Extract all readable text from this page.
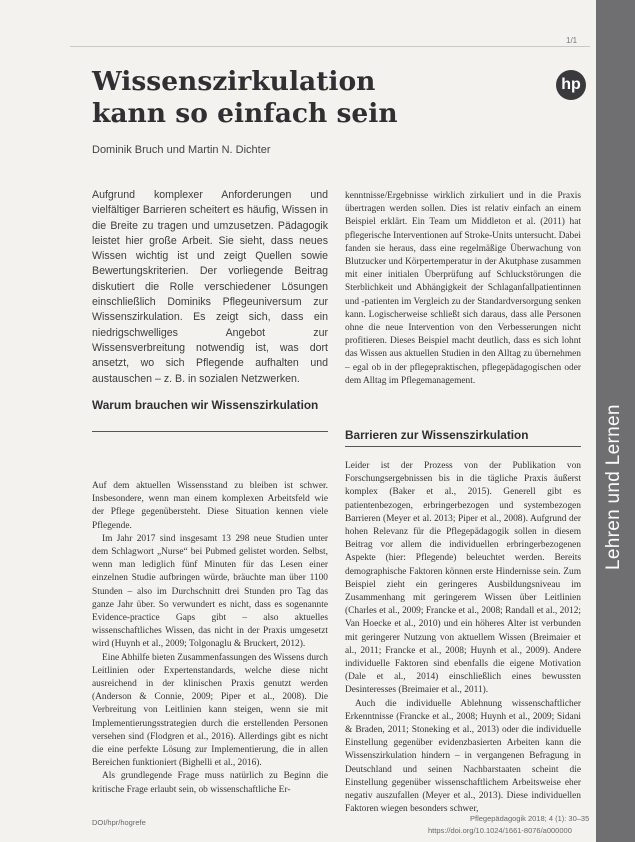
1/1
Wissenszirkulation
kann so einfach sein
hp
Dominik Bruch und Martin N. Dichter

Aufgrund komplexer Anforderungen und vielfältiger Barrieren scheitert es häufig, Wissen in die Breite zu tragen und umzusetzen. Pädagogik leistet hier große Arbeit. Sie sieht, dass neues Wissen wichtig ist und zeigt Quellen sowie Bewertungskriterien. Der vorliegende Beitrag diskutiert die Rolle verschiedener Lösungen einschließlich Dominiks Pflegeuniversum zur Wissenszirkulation. Es zeigt sich, dass ein niedrigschwelliges Angebot zur Wissensverbreitung notwendig ist, was dort ansetzt, wo sich Pflegende aufhalten und austauschen – z. B. in sozialen Netzwerken.

kenntnisse/Ergebnisse wirklich zirkuliert und in die Praxis übertragen werden sollen. Dies ist relativ einfach an einem Beispiel erklärt. Ein Team um Middleton et al. (2011) hat pflegerische Interventionen auf Stroke-Units untersucht. Dabei fanden sie heraus, dass eine regelmäßige Überwachung von Blutzucker und Körpertemperatur in der Akutphase zusammen mit einer initialen Überprüfung auf Schluckstörungen die Sterblichkeit und Abhängigkeit der Schlaganfallpatientinnen und -patienten im Vergleich zu der Standardversorgung senken kann. Logischerweise schließt sich daraus, dass alle Personen ohne die neue Intervention von den Verbesserungen nicht profitieren. Dieses Beispiel macht deutlich, dass es sich lohnt das Wissen aus aktuellen Studien in den Alltag zu übernehmen – egal ob in der pflegepraktischen, pflegepädagogischen oder dem Alltag im Pflegemanagement.

Warum brauchen wir Wissenszirkulation
Barrieren zur Wissenszirkulation

Auf dem aktuellen Wissensstand zu bleiben ist schwer. Insbesondere, wenn man einem komplexen Arbeitsfeld wie der Pflege gegenübersteht. Diese Situation kennen viele Pflegende.

Im Jahr 2017 sind insgesamt 13 298 neue Studien unter dem Schlagwort „Nurse“ bei Pubmed gelistet worden. Selbst, wenn man lediglich fünf Minuten für das Lesen einer einzelnen Studie aufbringen würde, bräuchte man über 1100 Stunden – also im Durchschnitt drei Stunden pro Tag das ganze Jahr über. So verwundert es nicht, dass es sogenannte Evidence-practice Gaps gibt – also aktuelles wissenschaftliches Wissen, das nicht in der Praxis umgesetzt wird (Huynh et al., 2009; Tolgonaglu & Bruckert, 2012).

Eine Abhilfe bieten Zusammenfassungen des Wissens durch Leitlinien oder Expertenstandards, welche diese nicht ausreichend in der klinischen Praxis genutzt werden (Anderson & Connie, 2009; Piper et al., 2008). Die Verbreitung von Leitlinien kann steigen, wenn sie mit Implementierungsstrategien durch die erstellenden Personen versehen sind (Flodgren et al., 2016). Allerdings gibt es nicht die eine perfekte Lösung zur Implementierung, die in allen Bereichen funktioniert (Bighelli et al., 2016).

Als grundlegende Frage muss natürlich zu Beginn die kritische Frage erlaubt sein, ob wissenschaftliche Er-

Leider ist der Prozess von der Publikation von Forschungsergebnissen bis in die tägliche Praxis äußerst komplex (Baker et al., 2015). Generell gibt es patientenbezogen, erbringerbezogen und systembezogen Barrieren (Meyer et al. 2013; Piper et al., 2008). Aufgrund der hohen Relevanz für die Pflegepädagogik sollen in diesem Beitrag vor allem die individuellen erbringerbezogenen Aspekte (hier: Pflegende) beleuchtet werden. Bereits demographische Faktoren können erste Hindernisse sein. Zum Beispiel zieht ein geringeres Ausbildungsniveau im Zusammenhang mit geringerem Wissen über Leitlinien (Charles et al., 2009; Francke et al., 2008; Randall et al., 2012; Van Hoecke et al., 2010) und ein höheres Alter ist verbunden mit geringerer Nutzung von aktuellem Wissen (Breimaier et al., 2011; Francke et al., 2008; Huynh et al., 2009). Andere individuelle Faktoren sind ebenfalls die eigene Motivation (Dale et al., 2014) einschließlich eines bewussten Desinteresses (Breimaier et al., 2011).

Auch die individuelle Ablehnung wissenschaftlicher Erkenntnisse (Francke et al., 2008; Huynh et al., 2009; Sidani & Braden, 2011; Stoneking et al., 2013) oder die individuelle Einstellung gegenüber evidenzbasierten Arbeiten kann die Wissenszirkulation hindern – in vergangenen Befragung in Deutschland und seinen Nachbarstaaten scheint die Einstellung gegenüber wissenschaftlichem Arbeitsweise eher negativ auszufallen (Meyer et al., 2013). Diese individuellen Faktoren wiegen besonders schwer,

Lehren und Lernen
DOI/hpr/hogrefe	Pflegepädagogik 2018; 4 (1): 30–35
https://doi.org/10.1024/1661-8076/a000000
